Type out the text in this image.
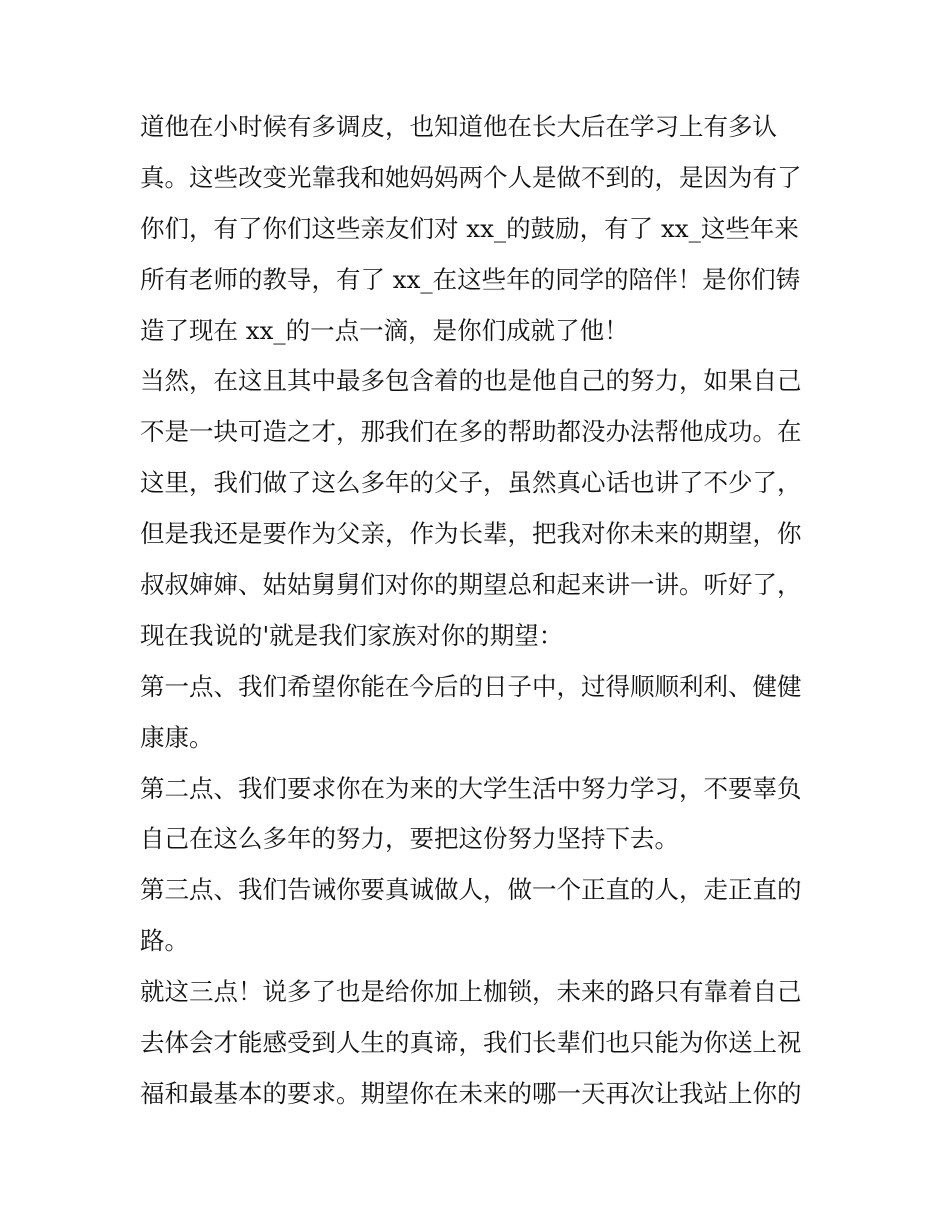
道他在小时候有多调皮，也知道他在长大后在学习上有多认
真。这些改变光靠我和她妈妈两个人是做不到的，是因为有了
你们，有了你们这些亲友们对 xx_的鼓励，有了 xx_这些年来
所有老师的教导，有了 xx_在这些年的同学的陪伴！是你们铸
造了现在 xx_的一点一滴，是你们成就了他！
当然，在这且其中最多包含着的也是他自己的努力，如果自己
不是一块可造之才，那我们在多的帮助都没办法帮他成功。在
这里，我们做了这么多年的父子，虽然真心话也讲了不少了，
但是我还是要作为父亲，作为长辈，把我对你未来的期望，你
叔叔婶婶、姑姑舅舅们对你的期望总和起来讲一讲。听好了，
现在我说的'就是我们家族对你的期望：
第一点、我们希望你能在今后的日子中，过得顺顺利利、健健
康康。
第二点、我们要求你在为来的大学生活中努力学习，不要辜负
自己在这么多年的努力，要把这份努力坚持下去。
第三点、我们告诫你要真诚做人，做一个正直的人，走正直的
路。
就这三点！说多了也是给你加上枷锁，未来的路只有靠着自己
去体会才能感受到人生的真谛，我们长辈们也只能为你送上祝
福和最基本的要求。期望你在未来的哪一天再次让我站上你的
